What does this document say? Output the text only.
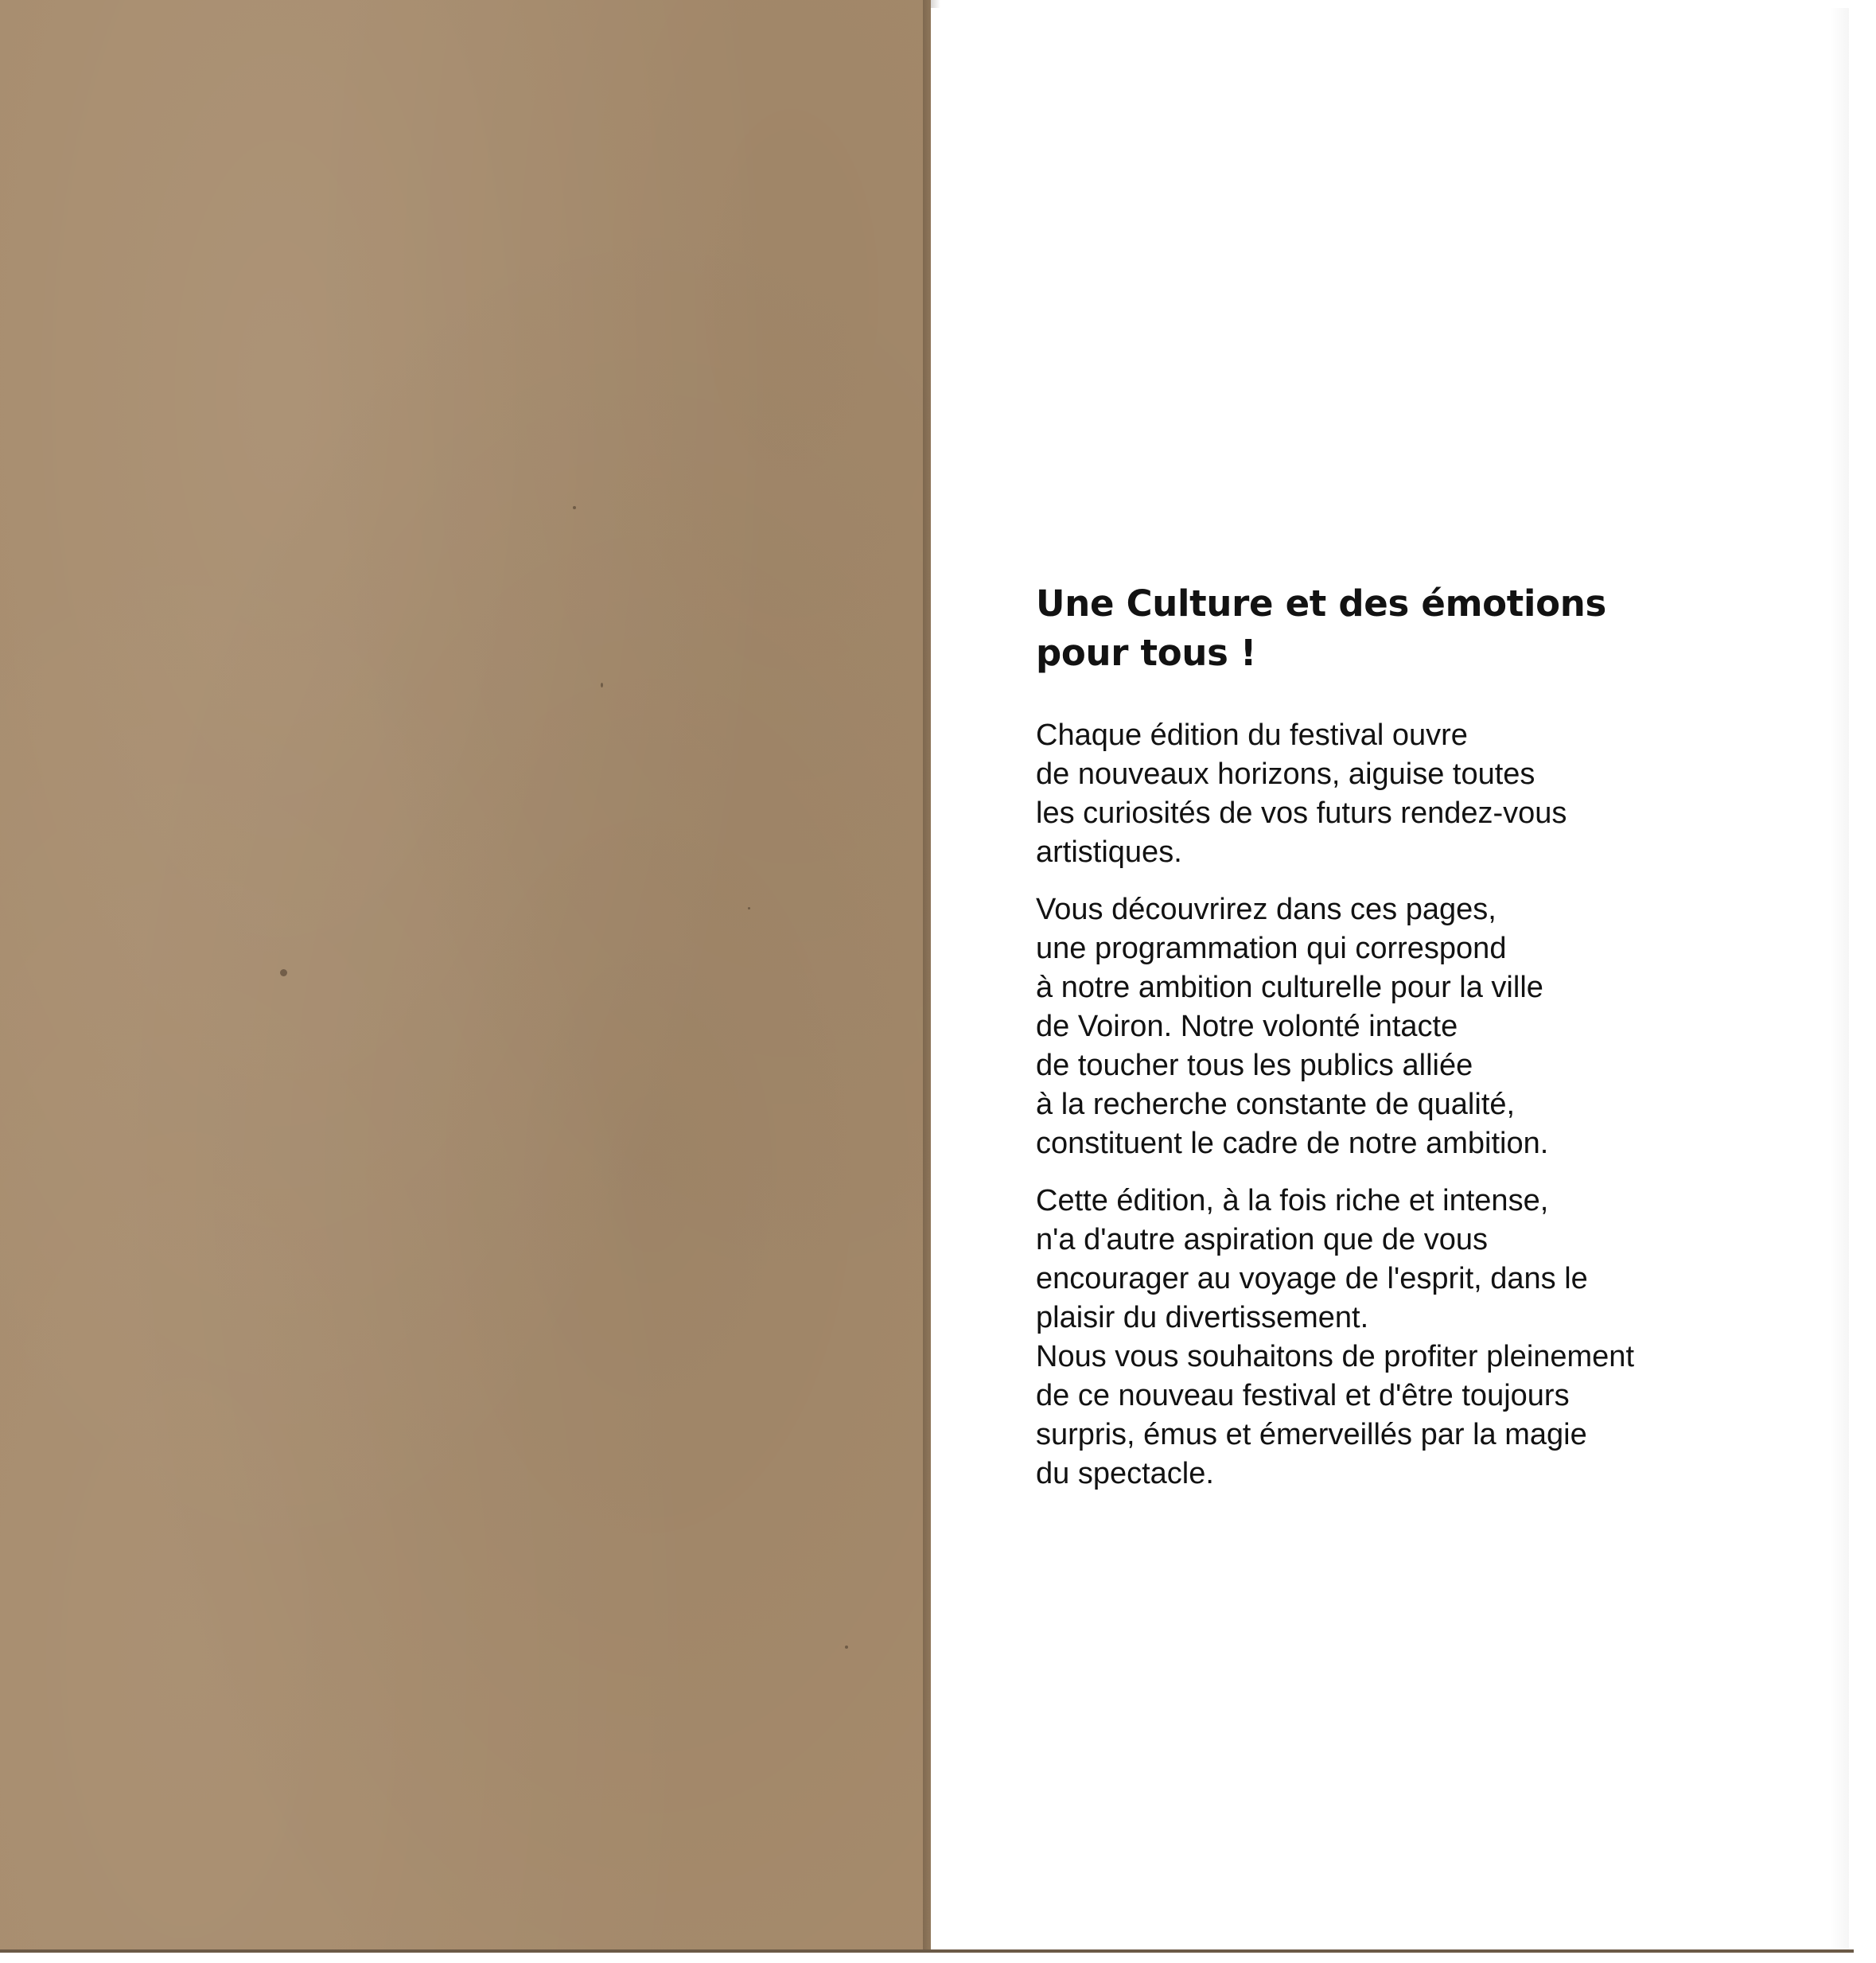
Une Culture et des émotions
pour tous !

Chaque édition du festival ouvre
de nouveaux horizons, aiguise toutes
les curiosités de vos futurs rendez-vous
artistiques.

Vous découvrirez dans ces pages,
une programmation qui correspond
à notre ambition culturelle pour la ville
de Voiron. Notre volonté intacte
de toucher tous les publics alliée
à la recherche constante de qualité,
constituent le cadre de notre ambition.

Cette édition, à la fois riche et intense,
n'a d'autre aspiration que de vous
encourager au voyage de l'esprit, dans le
plaisir du divertissement.

Nous vous souhaitons de profiter pleinement
de ce nouveau festival et d'être toujours
surpris, émus et émerveillés par la magie
du spectacle.
